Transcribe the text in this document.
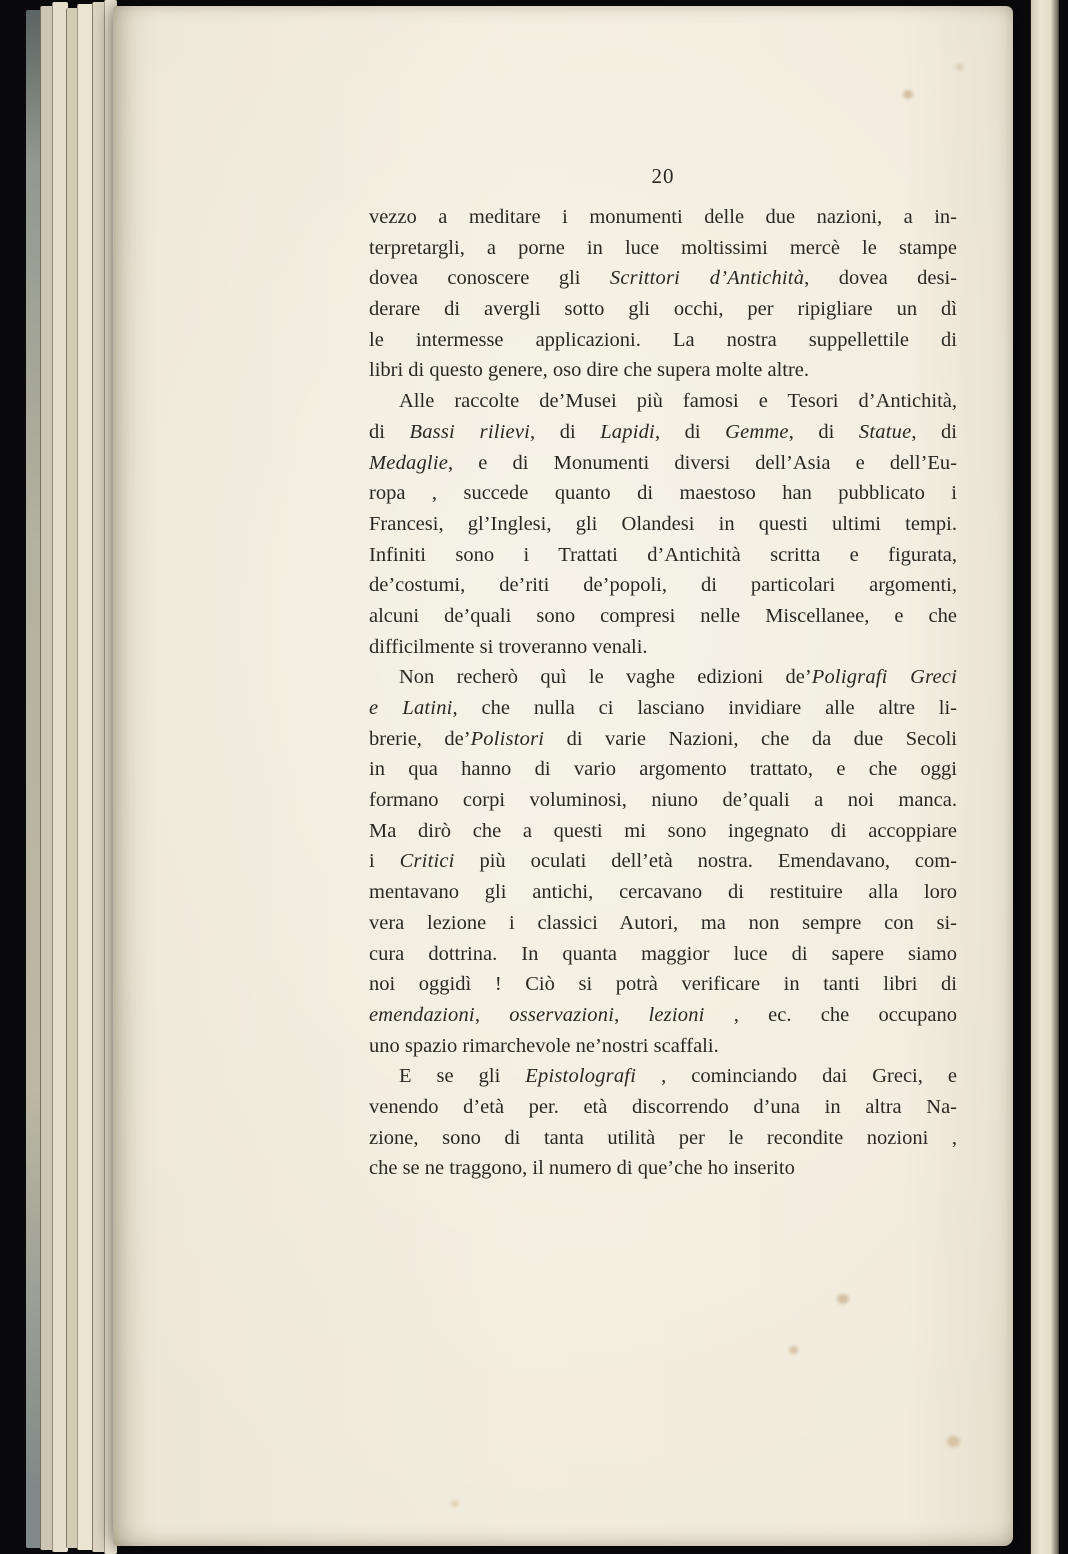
20
vezzo a meditare i monumenti delle due nazioni, a in-
terpretargli, a porne in luce moltissimi mercè le stampe
dovea conoscere gli Scrittori d’Antichità, dovea desi-
derare di avergli sotto gli occhi, per ripigliare un dì
le intermesse applicazioni. La nostra suppellettile di
libri di questo genere, oso dire che supera molte altre.
Alle raccolte de’Musei più famosi e Tesori d’Antichità,
di Bassi rilievi, di Lapidi, di Gemme, di Statue, di
Medaglie, e di Monumenti diversi dell’Asia e dell’Eu-
ropa , succede quanto di maestoso han pubblicato i
Francesi, gl’Inglesi, gli Olandesi in questi ultimi tempi.
Infiniti sono i Trattati d’Antichità scritta e figurata,
de’costumi, de’riti de’popoli, di particolari argomenti,
alcuni de’quali sono compresi nelle Miscellanee, e che
difficilmente si troveranno venali.
Non recherò quì le vaghe edizioni de’Poligrafi Greci
e Latini, che nulla ci lasciano invidiare alle altre li-
brerie, de’Polistori di varie Nazioni, che da due Secoli
in qua hanno di vario argomento trattato, e che oggi
formano corpi voluminosi, niuno de’quali a noi manca.
Ma dirò che a questi mi sono ingegnato di accoppiare
i Critici più oculati dell’età nostra. Emendavano, com-
mentavano gli antichi, cercavano di restituire alla loro
vera lezione i classici Autori, ma non sempre con si-
cura dottrina. In quanta maggior luce di sapere siamo
noi oggidì ! Ciò si potrà verificare in tanti libri di
emendazioni, osservazioni, lezioni , ec. che occupano
uno spazio rimarchevole ne’nostri scaffali.
E se gli Epistolografi , cominciando dai Greci, e
venendo d’età per. età discorrendo d’una in altra Na-
zione, sono di tanta utilità per le recondite nozioni ,
che se ne traggono, il numero di que’che ho inserito
